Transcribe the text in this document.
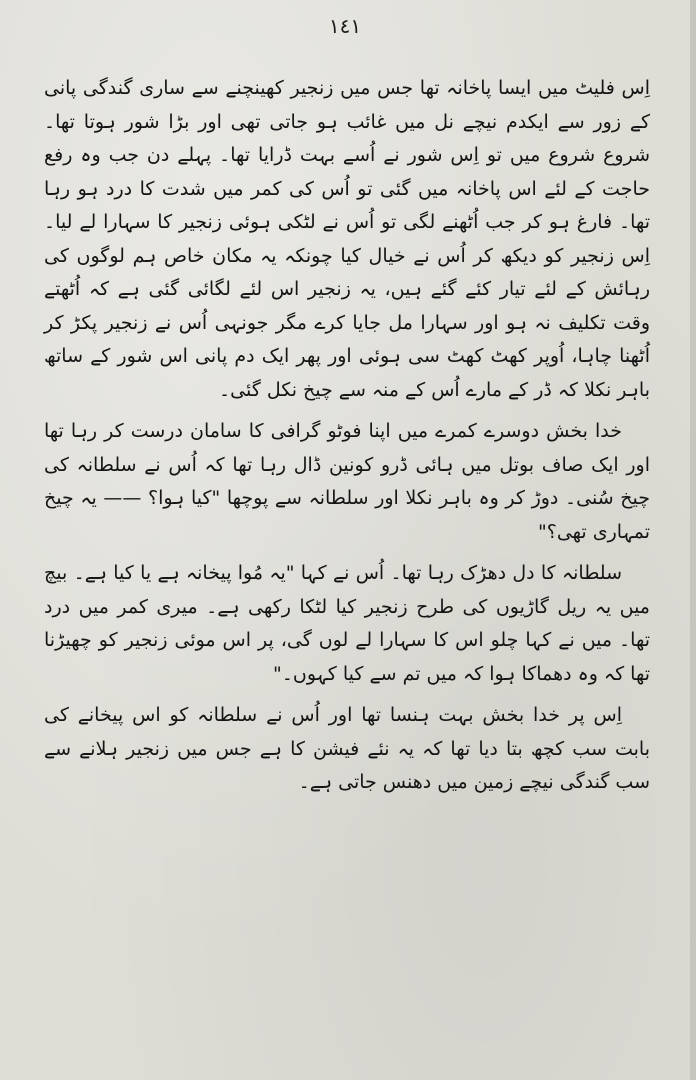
١٤١

اِس فلیٹ میں ایسا پاخانہ تھا جس میں زنجیر کھینچنے سے ساری گندگی پانی کے زور سے ایکدم نیچے نل میں غائب ہو جاتی تھی اور بڑا شور ہوتا تھا۔ شروع شروع میں تو اِس شور نے اُسے بہت ڈرایا تھا۔ پہلے دن جب وہ رفع حاجت کے لئے اس پاخانہ میں گئی تو اُس کی کمر میں شدت کا درد ہو رہا تھا۔ فارغ ہو کر جب اُٹھنے لگی تو اُس نے لٹکی ہوئی زنجیر کا سہارا لے لیا۔ اِس زنجیر کو دیکھ کر اُس نے خیال کیا چونکہ یہ مکان خاص ہم لوگوں کی رہائش کے لئے تیار کئے گئے ہیں، یہ زنجیر اس لئے لگائی گئی ہے کہ اُٹھتے وقت تکلیف نہ ہو اور سہارا مل جایا کرے مگر جونہی اُس نے زنجیر پکڑ کر اُٹھنا چاہا، اُوپر کھٹ کھٹ سی ہوئی اور پھر ایک دم پانی اس شور کے ساتھ باہر نکلا کہ ڈر کے مارے اُس کے منہ سے چیخ نکل گئی۔

خدا بخش دوسرے کمرے میں اپنا فوٹو گرافی کا سامان درست کر رہا تھا اور ایک صاف بوتل میں ہائی ڈرو کونین ڈال رہا تھا کہ اُس نے سلطانہ کی چیخ سُنی۔ دوڑ کر وہ باہر نکلا اور سلطانہ سے پوچھا "کیا ہوا؟ —— یہ چیخ تمہاری تھی؟"

سلطانہ کا دل دھڑک رہا تھا۔ اُس نے کہا "یہ مُوا پیخانہ ہے یا کیا ہے۔ بیچ میں یہ ریل گاڑیوں کی طرح زنجیر کیا لٹکا رکھی ہے۔ میری کمر میں درد تھا۔ میں نے کہا چلو اس کا سہارا لے لوں گی، پر اس موئی زنجیر کو چھیڑنا تھا کہ وہ دھماکا ہوا کہ میں تم سے کیا کہوں۔"

اِس پر خدا بخش بہت ہنسا تھا اور اُس نے سلطانہ کو اس پیخانے کی بابت سب کچھ بتا دیا تھا کہ یہ نئے فیشن کا ہے جس میں زنجیر ہلانے سے سب گندگی نیچے زمین میں دھنس جاتی ہے۔
